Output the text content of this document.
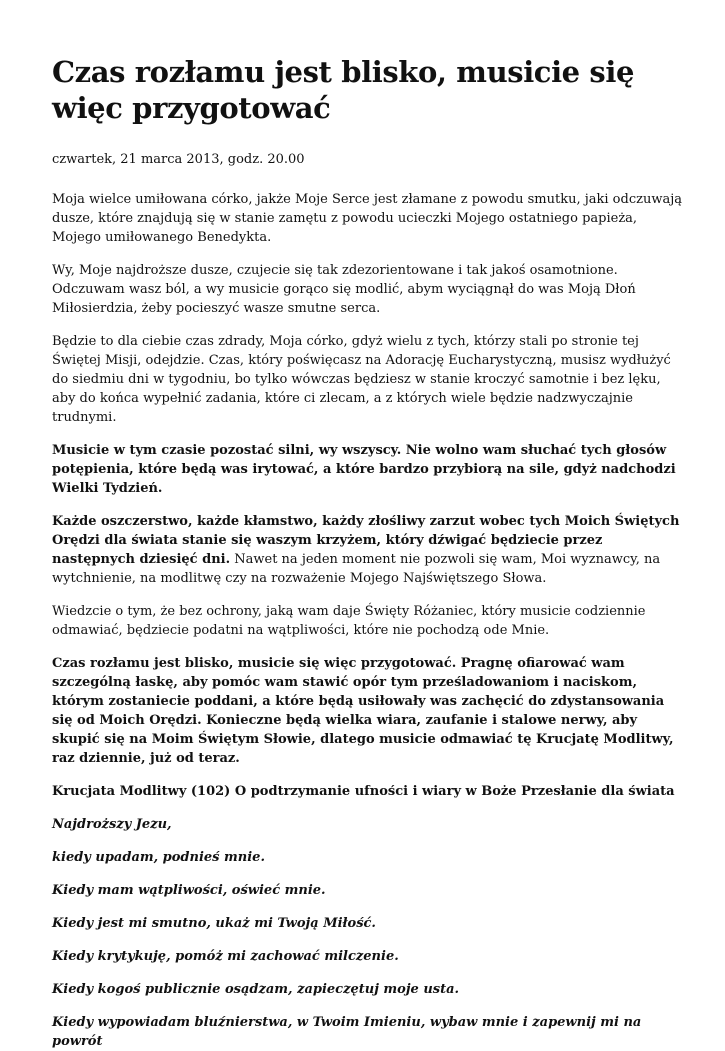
Czas rozłamu jest blisko, musicie się więc przygotować

czwartek, 21 marca 2013, godz. 20.00

Moja wielce umiłowana córko, jakże Moje Serce jest złamane z powodu smutku, jaki odczuwają dusze, które znajdują się w stanie zamętu z powodu ucieczki Mojego ostatniego papieża, Mojego umiłowanego Benedykta.

Wy, Moje najdroższe dusze, czujecie się tak zdezorientowane i tak jakoś osamotnione. Odczuwam wasz ból, a wy musicie gorąco się modlić, abym wyciągnął do was Moją Dłoń Miłosierdzia, żeby pocieszyć wasze smutne serca.

Będzie to dla ciebie czas zdrady, Moja córko, gdyż wielu z tych, którzy stali po stronie tej Świętej Misji, odejdzie. Czas, który poświęcasz na Adorację Eucharystyczną, musisz wydłużyć do siedmiu dni w tygodniu, bo tylko wówczas będziesz w stanie kroczyć samotnie i bez lęku, aby do końca wypełnić zadania, które ci zlecam, a z których wiele będzie nadzwyczajnie trudnymi.

Musicie w tym czasie pozostać silni, wy wszyscy. Nie wolno wam słuchać tych głosów potępienia, które będą was irytować, a które bardzo przybiorą na sile, gdyż nadchodzi Wielki Tydzień.

Każde oszczerstwo, każde kłamstwo, każdy złośliwy zarzut wobec tych Moich Świętych Orędzi dla świata stanie się waszym krzyżem, który dźwigać będziecie przez następnych dziesięć dni. Nawet na jeden moment nie pozwoli się wam, Moi wyznawcy, na wytchnienie, na modlitwę czy na rozważenie Mojego Najświętszego Słowa.

Wiedzcie o tym, że bez ochrony, jaką wam daje Święty Różaniec, który musicie codziennie odmawiać, będziecie podatni na wątpliwości, które nie pochodzą ode Mnie.

Czas rozłamu jest blisko, musicie się więc przygotować. Pragnę ofiarować wam szczególną łaskę, aby pomóc wam stawić opór tym prześladowaniom i naciskom, którym zostaniecie poddani, a które będą usiłowały was zachęcić do zdystansowania się od Moich Orędzi. Konieczne będą wielka wiara, zaufanie i stalowe nerwy, aby skupić się na Moim Świętym Słowie, dlatego musicie odmawiać tę Krucjatę Modlitwy, raz dziennie, już od teraz.

Krucjata Modlitwy (102) O podtrzymanie ufności i wiary w Boże Przesłanie dla świata

Najdroższy Jezu,

kiedy upadam, podnieś mnie.

Kiedy mam wątpliwości, oświeć mnie.

Kiedy jest mi smutno, ukaż mi Twoją Miłość.

Kiedy krytykuję, pomóż mi zachować milczenie.

Kiedy kogoś publicznie osądzam, zapieczętuj moje usta.

Kiedy wypowiadam bluźnierstwa, w Twoim Imieniu, wybaw mnie i zapewnij mi na powrót
